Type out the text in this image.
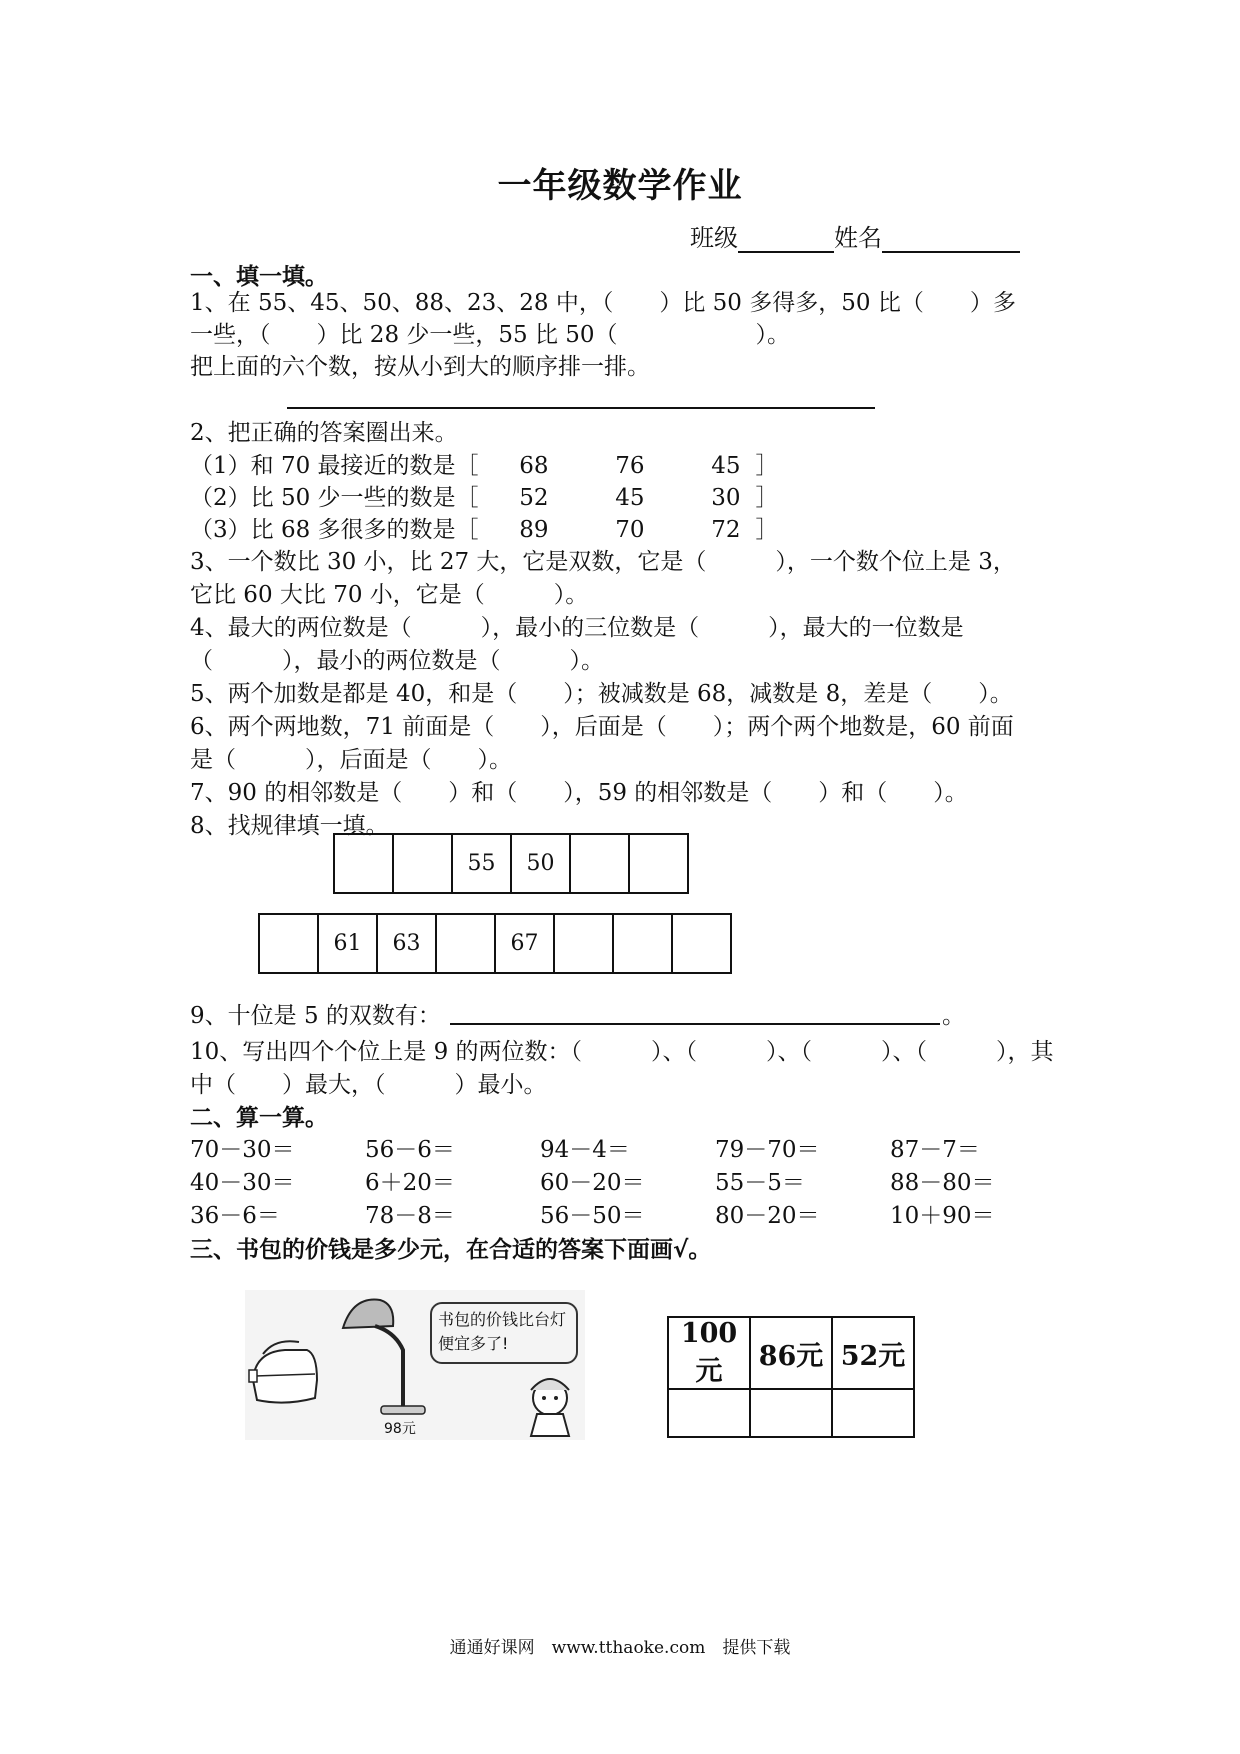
一年级数学作业
班级	姓名
一、填一填。
1、在 55、45、50、88、23、28 中，（　　）比 50 多得多，50 比（　　）多
一些，（　　）比 28 少一些，55 比 50（　　　　　　）。
把上面的六个数，按从小到大的顺序排一排。
2、把正确的答案圈出来。
（1）和 70 最接近的数是［ 68	76	45 ］
（2）比 50 少一些的数是［ 52	45	30 ］
（3）比 68 多很多的数是［ 89	70	72 ］
3、一个数比 30 小，比 27 大，它是双数，它是（　　　），一个数个位上是 3，
它比 60 大比 70 小，它是（　　　）。
4、最大的两位数是（　　　），最小的三位数是（　　　），最大的一位数是
（　　　），最小的两位数是（　　　）。
5、两个加数是都是 40，和是（　　）；被减数是 68，减数是 8，差是（　　）。
6、两个两地数，71 前面是（　　），后面是（　　）；两个两个地数是，60 前面
是（　　　），后面是（　　）。
7、90 的相邻数是（　　）和（　　），59 的相邻数是（　　）和（　　）。
8、找规律填一填。
55	50
61	63	67
9、十位是 5 的双数有：	。
10、写出四个个位上是 9 的两位数：（　　　）、（　　　）、（　　　）、（　　　），其
中（　　）最大，（　　　）最小。
二、算一算。
70－30＝	56－6＝	94－4＝	79－70＝	87－7＝
40－30＝	6＋20＝	60－20＝	55－5＝	88－80＝
36－6＝	78－8＝	56－50＝	80－20＝	10＋90＝
三、书包的价钱是多少元，在合适的答案下面画√。
书包的价钱比台灯便宜多了!
98元
100元	86元	52元

通通好课网　www.tthaoke.com　提供下载
